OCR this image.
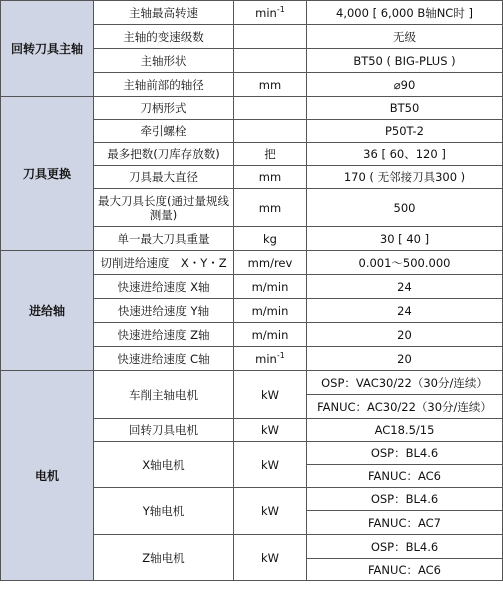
回转刀具主轴	主轴最高转速	$\min^{-1}$	4,000 [ 6,000 B轴NC时 ]
	主轴的变速级数		无级
	主轴形状		BT50 ( BIG-PLUS )
	主轴前部的轴径	mm	⌀90
刀具更换	刀柄形式		BT50
	牵引螺栓		P50T-2
	最多把数(刀库存放数)	把	36 [ 60、120 ]
	刀具最大直径	mm	170 ( 无邻接刀具300 )
	最大刀具长度(通过量规线测量)	mm	500
	单一最大刀具重量	kg	30 [ 40 ]
进给轴	切削进给速度　X・Y・Z	mm/rev	0.001～500.000
	快速进给速度 X轴	m/min	24
	快速进给速度 Y轴	m/min	24
	快速进给速度 Z轴	m/min	20
	快速进给速度 C轴	$\min^{-1}$	20
电机	车削主轴电机	kW	OSP：VAC30/22（30分/连续）
			FANUC：AC30/22（30分/连续）
	回转刀具电机	kW	AC18.5/15
	X轴电机	kW	OSP：BL4.6
			FANUC：AC6
	Y轴电机	kW	OSP：BL4.6
			FANUC：AC7
	Z轴电机	kW	OSP：BL4.6
			FANUC：AC6
